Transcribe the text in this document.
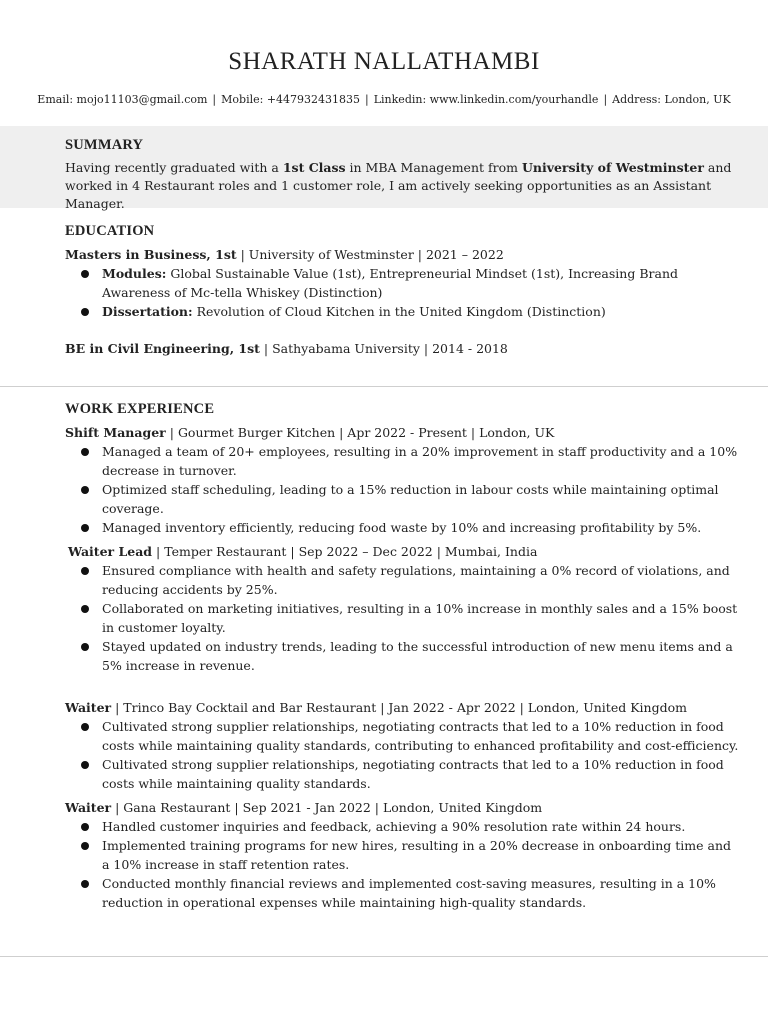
SHARATH NALLATHAMBI
Email: mojo11103@gmail.com | Mobile: +447932431835 | Linkedin: www.linkedin.com/yourhandle | Address: London, UK
SUMMARY

Having recently graduated with a 1st Class in MBA Management from University of Westminster and worked in 4 Restaurant roles and 1 customer role, I am actively seeking opportunities as an Assistant Manager.

EDUCATION

Masters in Business, 1st | University of Westminster | 2021 – 2022

Modules: Global Sustainable Value (1st), Entrepreneurial Mindset (1st), Increasing Brand Awareness of Mc-tella Whiskey (Distinction)
Dissertation: Revolution of Cloud Kitchen in the United Kingdom (Distinction)

BE in Civil Engineering, 1st | Sathyabama University | 2014 - 2018

WORK EXPERIENCE

Shift Manager | Gourmet Burger Kitchen | Apr 2022 - Present | London, UK

Managed a team of 20+ employees, resulting in a 20% improvement in staff productivity and a 10% decrease in turnover.
Optimized staff scheduling, leading to a 15% reduction in labour costs while maintaining optimal coverage.
Managed inventory efficiently, reducing food waste by 10% and increasing profitability by 5%.

Waiter Lead | Temper Restaurant | Sep 2022 – Dec 2022 | Mumbai, India

Ensured compliance with health and safety regulations, maintaining a 0% record of violations, and reducing accidents by 25%.
Collaborated on marketing initiatives, resulting in a 10% increase in monthly sales and a 15% boost in customer loyalty.
Stayed updated on industry trends, leading to the successful introduction of new menu items and a 5% increase in revenue.

Waiter | Trinco Bay Cocktail and Bar Restaurant | Jan 2022 - Apr 2022 | London, United Kingdom

Cultivated strong supplier relationships, negotiating contracts that led to a 10% reduction in food costs while maintaining quality standards, contributing to enhanced profitability and cost-efficiency.
Cultivated strong supplier relationships, negotiating contracts that led to a 10% reduction in food costs while maintaining quality standards.

Waiter | Gana Restaurant | Sep 2021 - Jan 2022 | London, United Kingdom

Handled customer inquiries and feedback, achieving a 90% resolution rate within 24 hours.
Implemented training programs for new hires, resulting in a 20% decrease in onboarding time and a 10% increase in staff retention rates.
Conducted monthly financial reviews and implemented cost-saving measures, resulting in a 10% reduction in operational expenses while maintaining high-quality standards.
